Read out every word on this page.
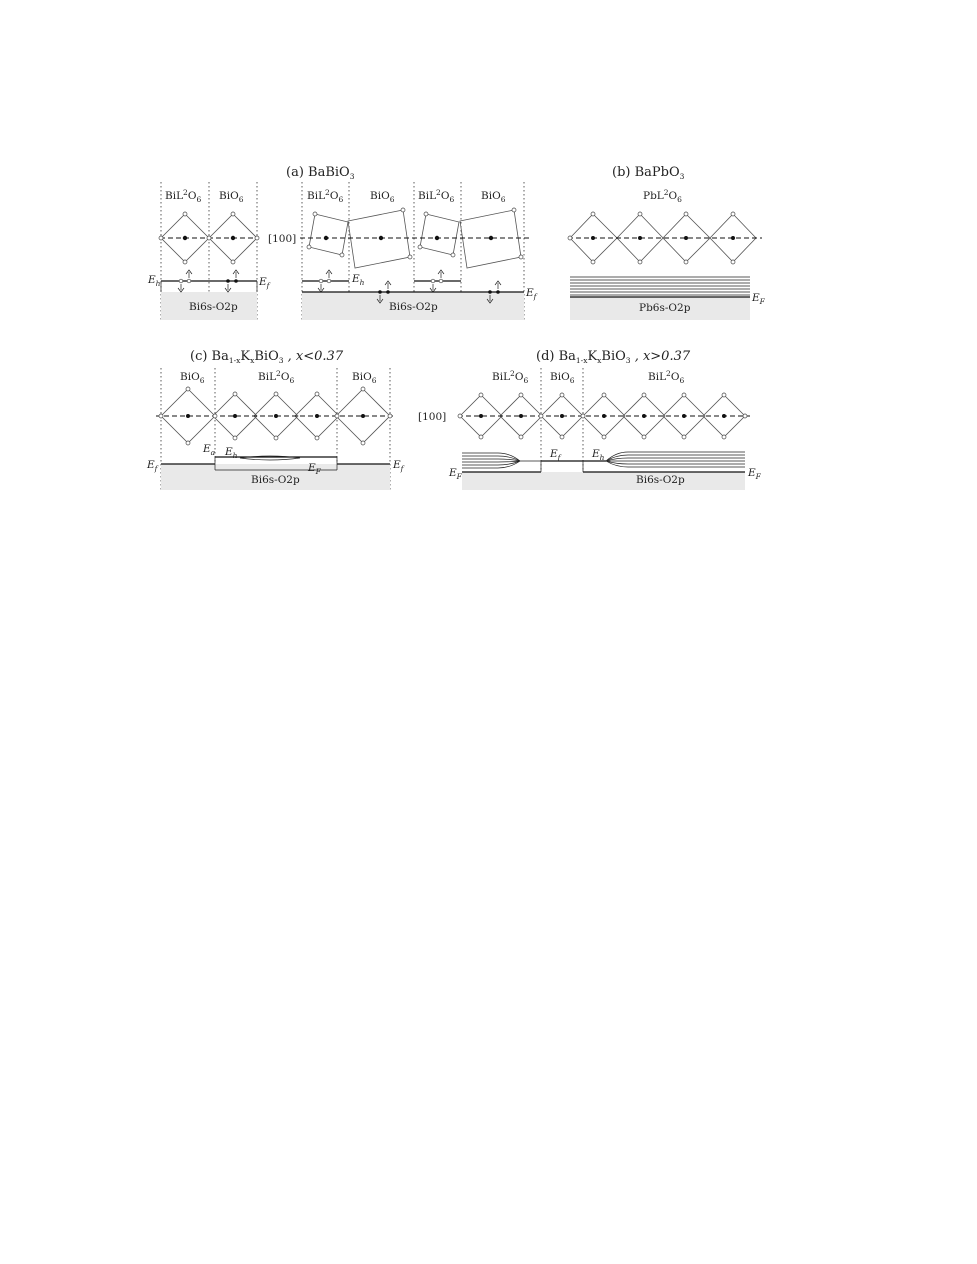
(a) BaBiO$_3$
$BiL^2O_6$ BiO$_6$	$BiL^2O_6$	BiO$_6$ $BiL^2O_6$	BiO$_6$
[100]
$E_h$	$E_f$
$E_h$
$E_f$
Bi6s-O2p	Bi6s-O2p
(b) BaPbO$_3$
$PbL^2O_6$
$E_F$
Pb6s-O2p
(c) $Ba_{1-x}K_xBiO_3$ , x<0.37
BiO$_6$	$BiL^2O_6$	BiO$_6$
$E_f$
$E_a$ $E_h$
$E_F$
$E_f$
Bi6s-O2p
(d) $Ba_{1-x}K_xBiO_3$ , x>0.37
$BiL^2O_6$ BiO$_6$	$BiL^2O_6$
[100]
$E_F$
$E_f$	$E_h$
$E_F$
Bi6s-O2p
